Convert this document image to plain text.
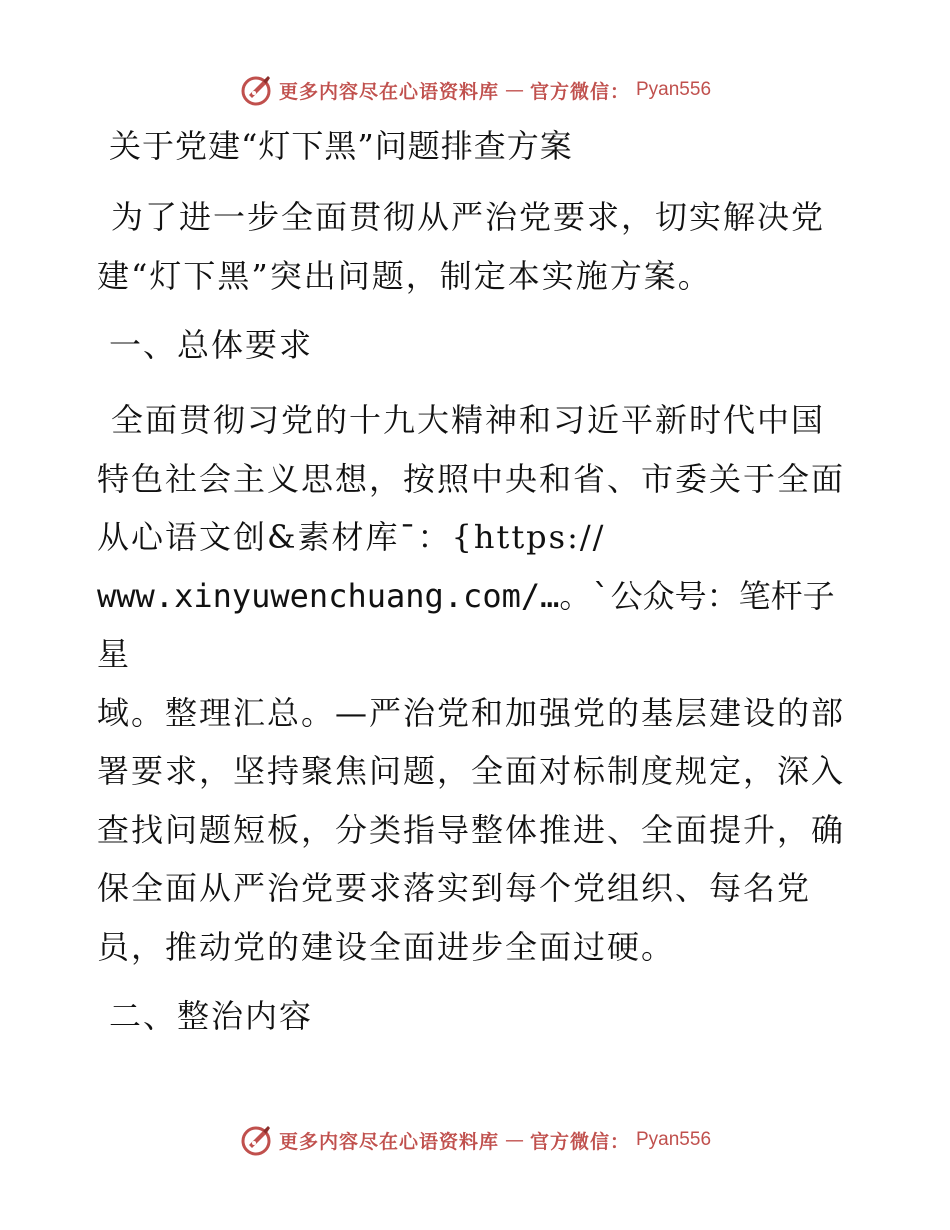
更多内容尽在心语资料库 — 官方微信： Pyan556
关于党建“灯下黑”问题排查方案
为了进一步全面贯彻从严治党要求，切实解决党
建“灯下黑”突出问题，制定本实施方案。
一、总体要求
全面贯彻习党的十九大精神和习近平新时代中国
特色社会主义思想，按照中央和省、市委关于全面
从心语文创&素材库¯：{https://
www.xinyuwenchuang.com/…。`公众号：笔杆子星
域。整理汇总。—严治党和加强党的基层建设的部
署要求，坚持聚焦问题，全面对标制度规定，深入
查找问题短板，分类指导整体推进、全面提升，确
保全面从严治党要求落实到每个党组织、每名党
员，推动党的建设全面进步全面过硬。
二、整治内容
更多内容尽在心语资料库 — 官方微信： Pyan556
